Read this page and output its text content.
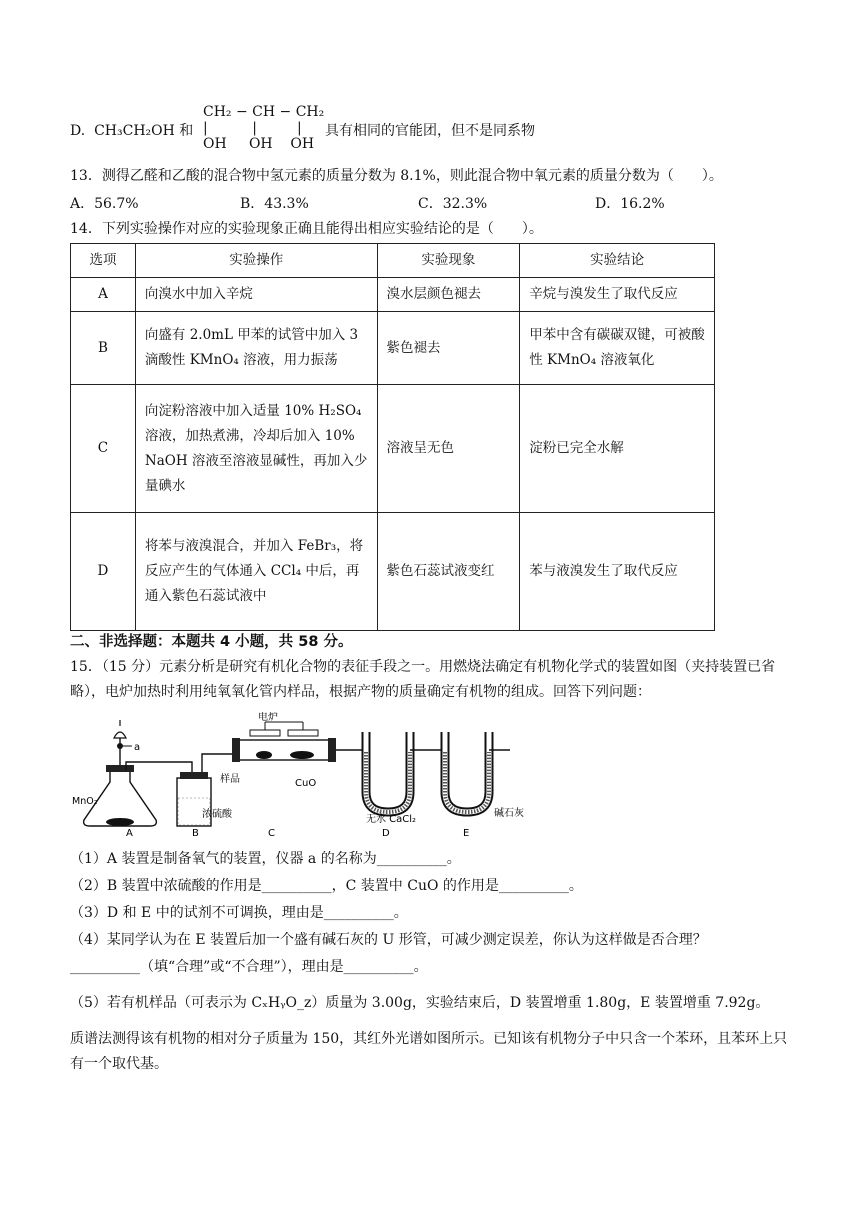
D. CH₃CH₂OH 和
CH₂ − CH − CH₂
|          |         |
OH     OH    OH
具有相同的官能团，但不是同系物
13．测得乙醛和乙酸的混合物中氢元素的质量分数为 8.1%，则此混合物中氧元素的质量分数为（　　）。
A．56.7%	B．43.3%	C．32.3%	D．16.2%
14．下列实验操作对应的实验现象正确且能得出相应实验结论的是（　　）。
选项	实验操作	实验现象	实验结论
A	向溴水中加入辛烷	溴水层颜色褪去	辛烷与溴发生了取代反应
B	向盛有 2.0mL 甲苯的试管中加入 3 滴酸性 KMnO₄ 溶液，用力振荡	紫色褪去	甲苯中含有碳碳双键，可被酸性 KMnO₄ 溶液氧化
C	向淀粉溶液中加入适量 10% H₂SO₄ 溶液，加热煮沸，冷却后加入 10% NaOH 溶液至溶液显碱性，再加入少量碘水	溶液呈无色	淀粉已完全水解
D	将苯与液溴混合，并加入 FeBr₃，将反应产生的气体通入 CCl₄ 中后，再通入紫色石蕊试液中	紫色石蕊试液变红	苯与液溴发生了取代反应
二、非选择题：本题共 4 小题，共 58 分。
15．（15 分）元素分析是研究有机化合物的表征手段之一。用燃烧法确定有机物化学式的装置如图（夹持装置已省略），电炉加热时利用纯氧氧化管内样品，根据产物的质量确定有机物的组成。回答下列问题：
a
MnO₂
浓硫酸
电炉
样品	CuO
无水 CaCl₂
碱石灰
A	B	C	D	E
（1）A 装置是制备氧气的装置，仪器 a 的名称为__________。
（2）B 装置中浓硫酸的作用是__________，C 装置中 CuO 的作用是__________。
（3）D 和 E 中的试剂不可调换，理由是__________。
（4）某同学认为在 E 装置后加一个盛有碱石灰的 U 形管，可减少测定误差，你认为这样做是否合理？
__________（填“合理”或“不合理”），理由是__________。
（5）若有机样品（可表示为 CₓHᵧO_z）质量为 3.00g，实验结束后，D 装置增重 1.80g，E 装置增重 7.92g。
质谱法测得该有机物的相对分子质量为 150，其红外光谱如图所示。已知该有机物分子中只含一个苯环，且苯环上只有一个取代基。
